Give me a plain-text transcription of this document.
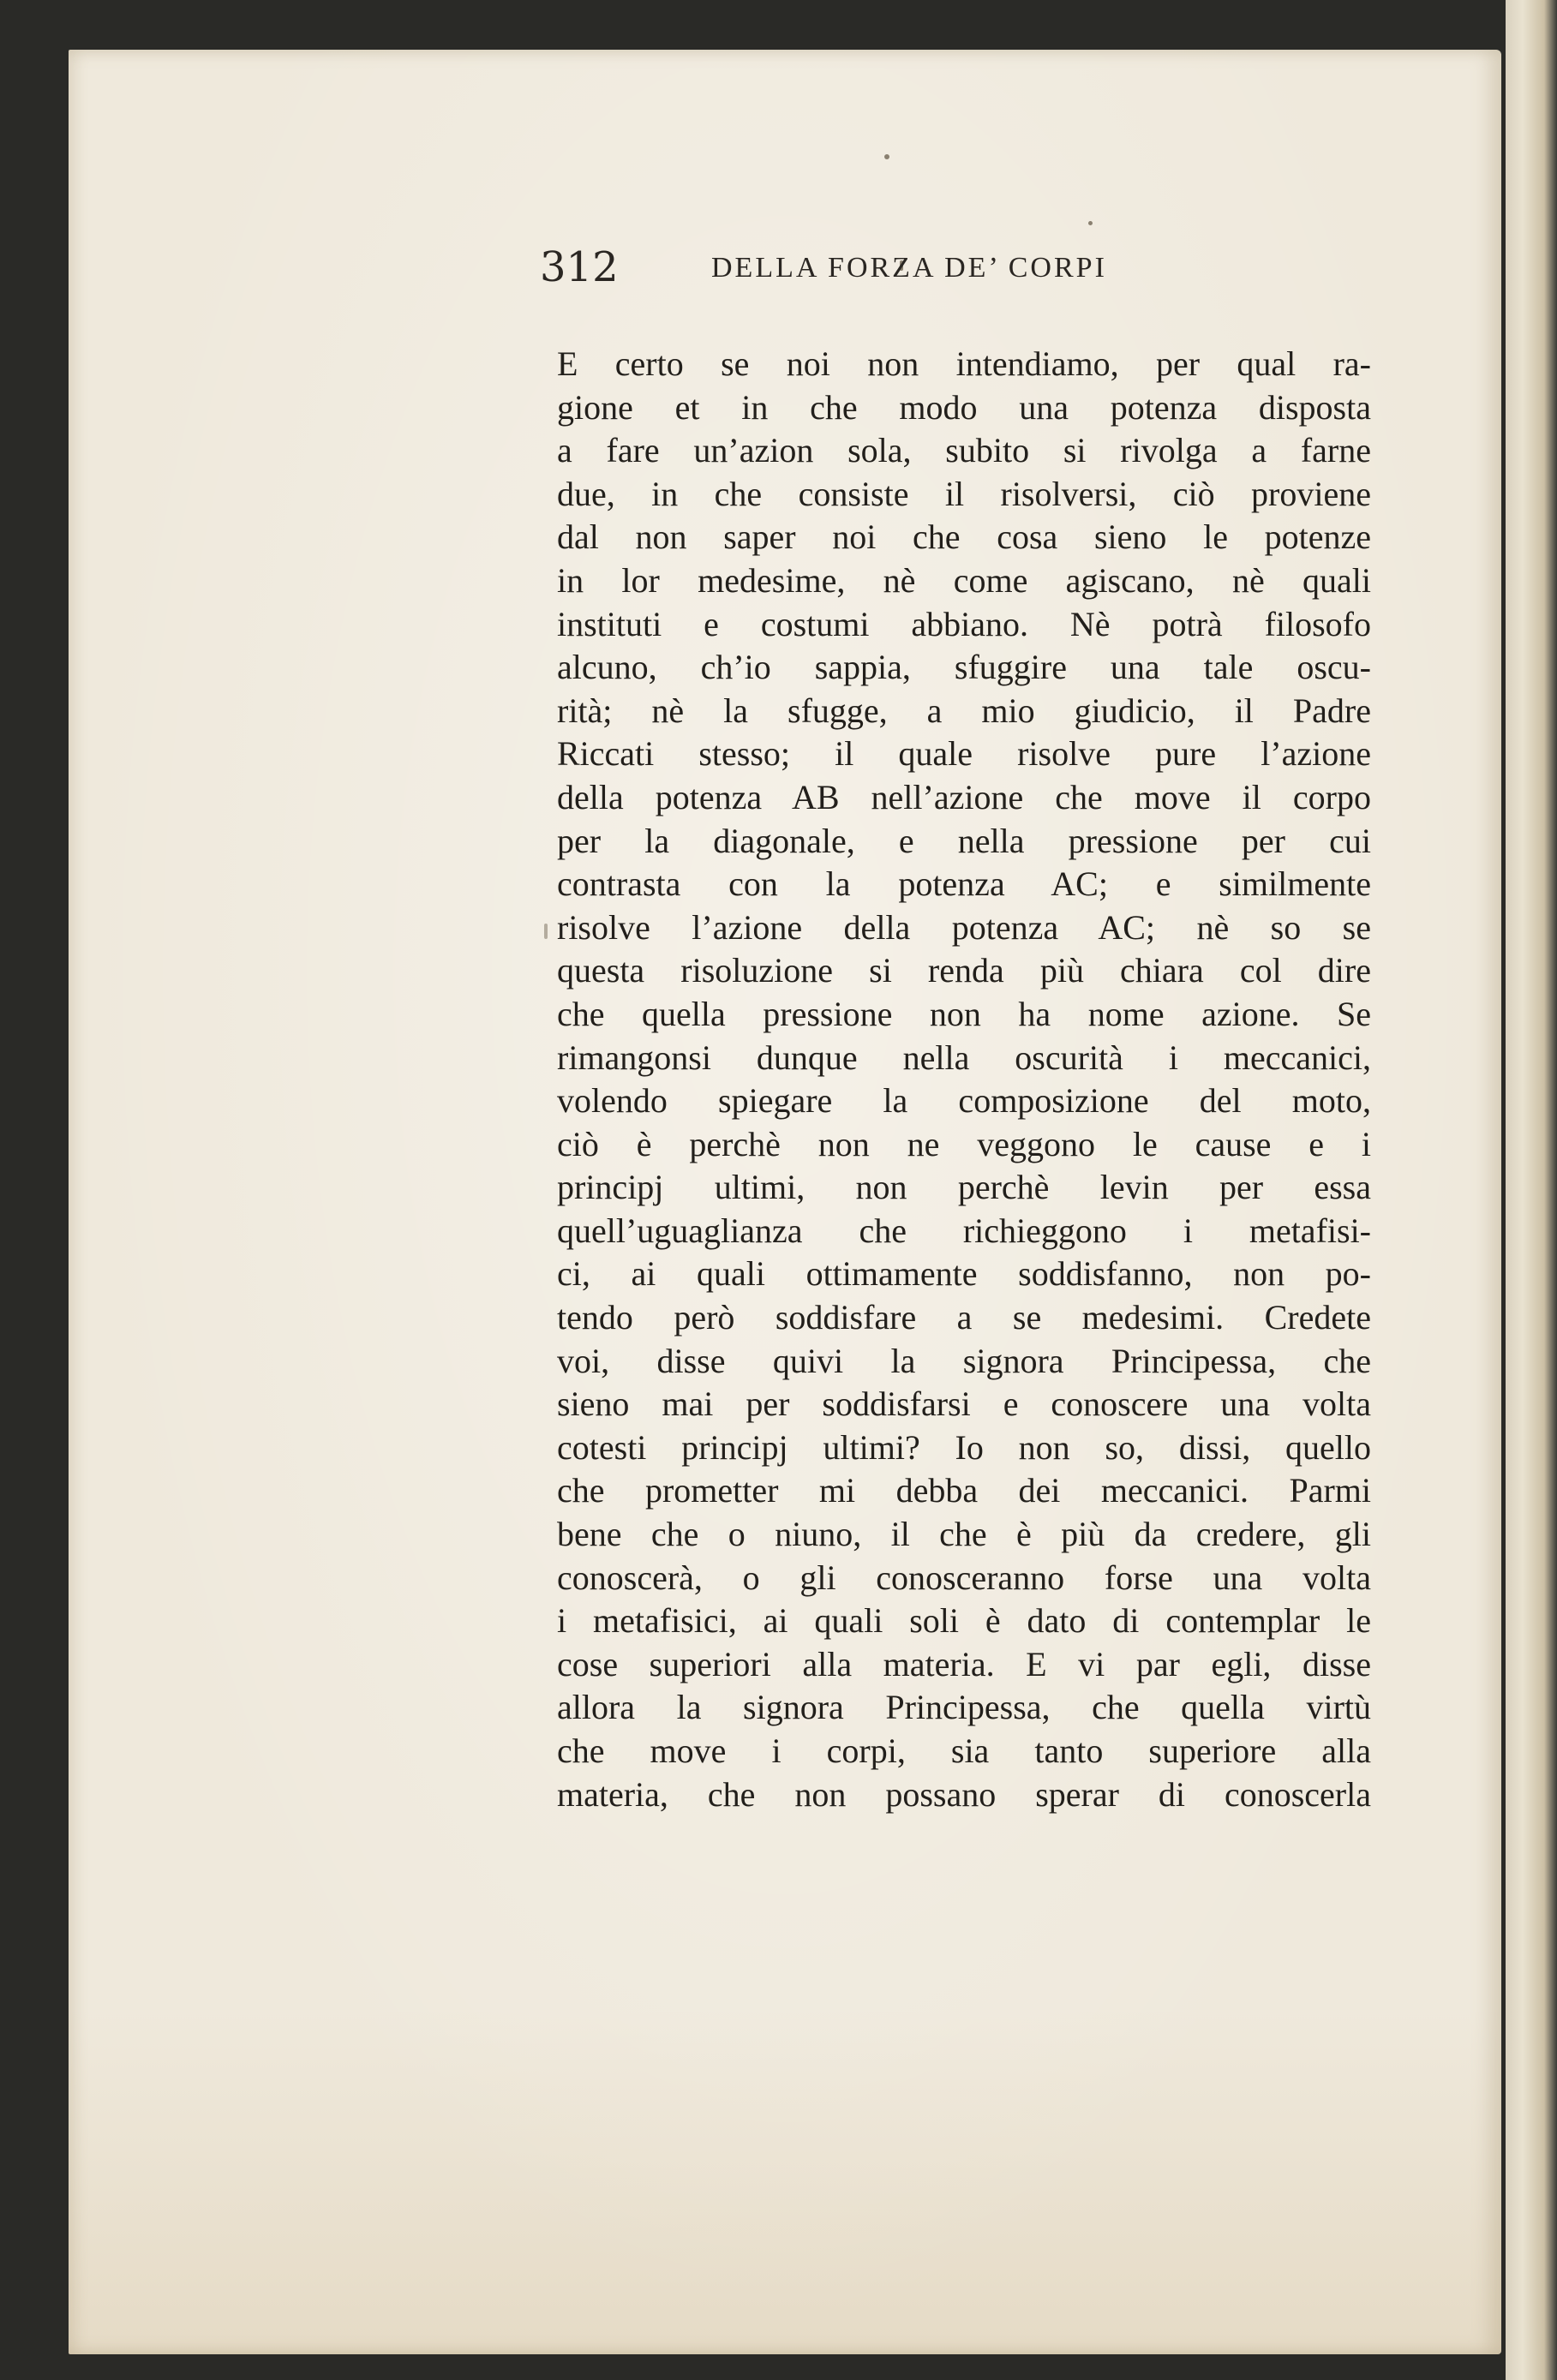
312	DELLA FORZA DE’ CORPI
E certo se noi non intendiamo, per qual ra-
gione et in che modo una potenza disposta
a fare un’azion sola, subito si rivolga a farne
due, in che consiste il risolversi, ciò proviene
dal non saper noi che cosa sieno le potenze
in lor medesime, nè come agiscano, nè quali
instituti e costumi abbiano. Nè potrà filosofo
alcuno, ch’io sappia, sfuggire una tale oscu-
rità; nè la sfugge, a mio giudicio, il Padre
Riccati stesso; il quale risolve pure l’azione
della potenza AB nell’azione che move il corpo
per la diagonale, e nella pressione per cui
contrasta con la potenza AC; e similmente
risolve l’azione della potenza AC; nè so se
questa risoluzione si renda più chiara col dire
che quella pressione non ha nome azione. Se
rimangonsi dunque nella oscurità i meccanici,
volendo spiegare la composizione del moto,
ciò è perchè non ne veggono le cause e i
principj ultimi, non perchè levin per essa
quell’uguaglianza che richieggono i metafisi-
ci, ai quali ottimamente soddisfanno, non po-
tendo però soddisfare a se medesimi. Credete
voi, disse quivi la signora Principessa, che
sieno mai per soddisfarsi e conoscere una volta
cotesti principj ultimi? Io non so, dissi, quello
che prometter mi debba dei meccanici. Parmi
bene che o niuno, il che è più da credere, gli
conoscerà, o gli conosceranno forse una volta
i metafisici, ai quali soli è dato di contemplar le
cose superiori alla materia. E vi par egli, disse
allora la signora Principessa, che quella virtù
che move i corpi, sia tanto superiore alla
materia, che non possano sperar di conoscerla
